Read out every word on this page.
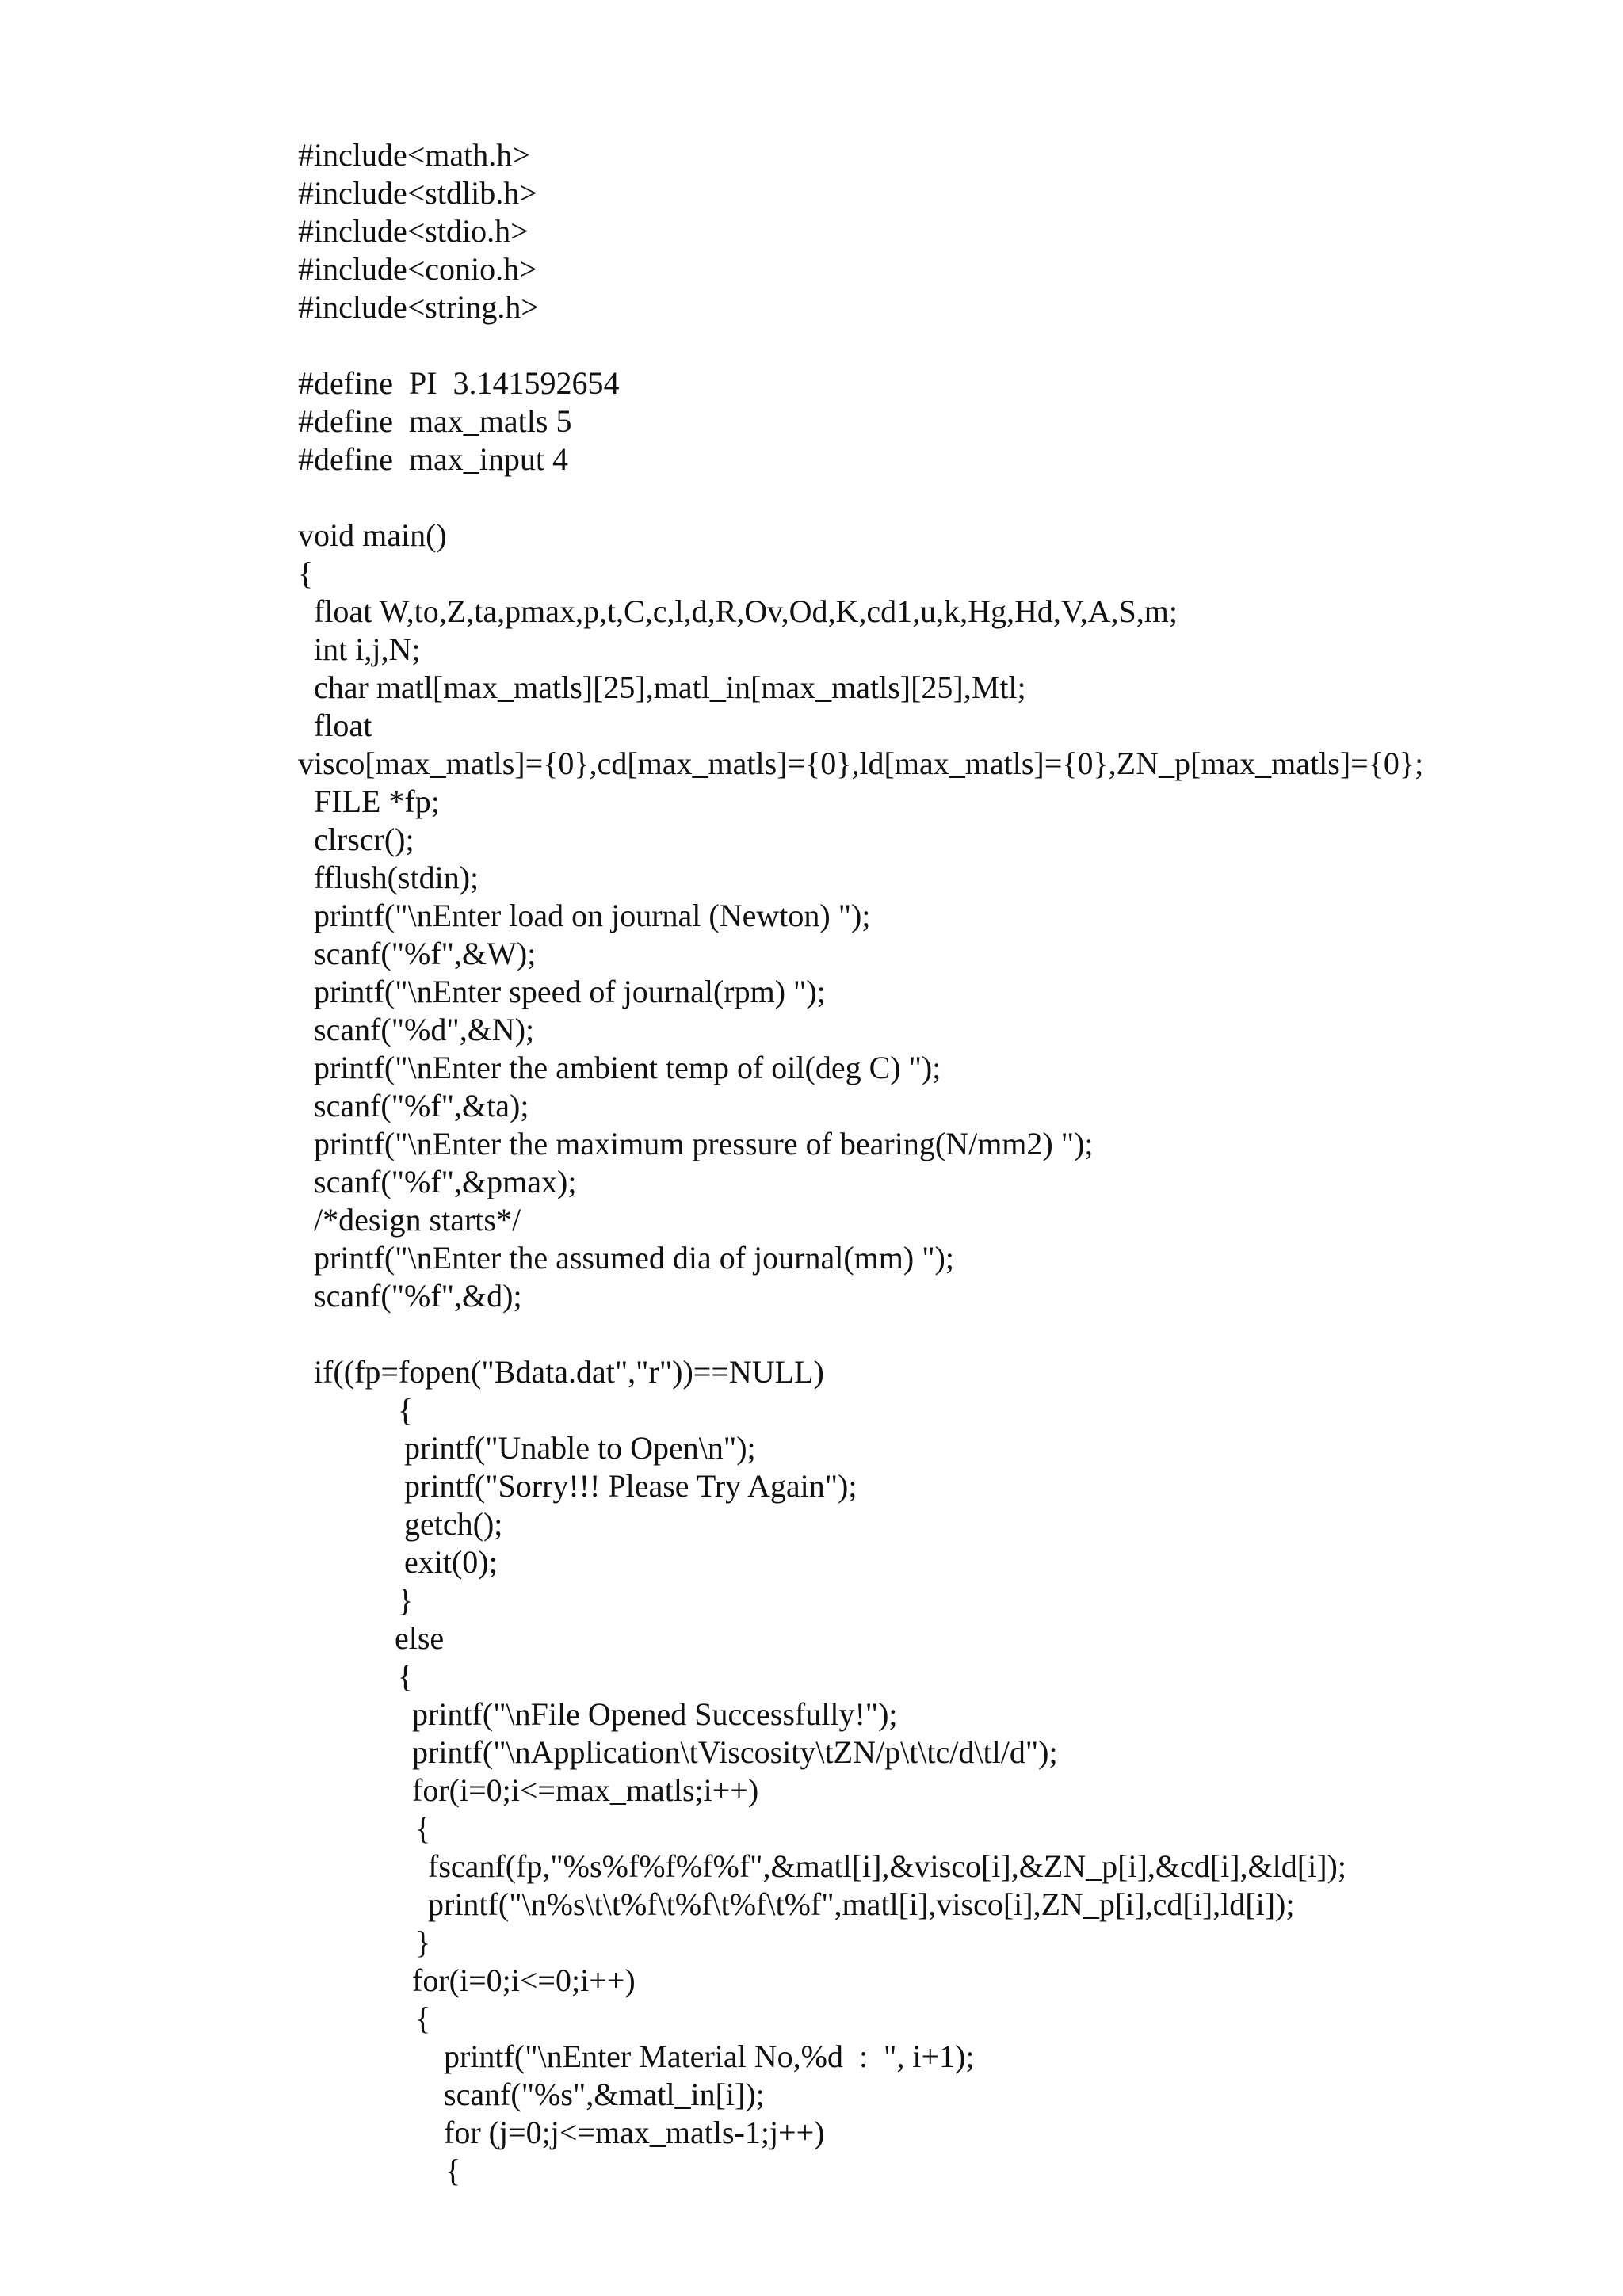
#include<math.h>
#include<stdlib.h>
#include<stdio.h>
#include<conio.h>
#include<string.h>
#define  PI  3.141592654
#define  max_matls 5
#define  max_input 4
void main()
{
float W,to,Z,ta,pmax,p,t,C,c,l,d,R,Ov,Od,K,cd1,u,k,Hg,Hd,V,A,S,m;
int i,j,N;
char matl[max_matls][25],matl_in[max_matls][25],Mtl;
float
visco[max_matls]={0},cd[max_matls]={0},ld[max_matls]={0},ZN_p[max_matls]={0};
FILE *fp;
clrscr();
fflush(stdin);
printf("\nEnter load on journal (Newton) ");
scanf("%f",&W);
printf("\nEnter speed of journal(rpm) ");
scanf("%d",&N);
printf("\nEnter the ambient temp of oil(deg C) ");
scanf("%f",&ta);
printf("\nEnter the maximum pressure of bearing(N/mm2) ");
scanf("%f",&pmax);
/*design starts*/
printf("\nEnter the assumed dia of journal(mm) ");
scanf("%f",&d);
if((fp=fopen("Bdata.dat","r"))==NULL)
{
printf("Unable to Open\n");
printf("Sorry!!! Please Try Again");
getch();
exit(0);
}
else
{
printf("\nFile Opened Successfully!");
printf("\nApplication\tViscosity\tZN/p\t\tc/d\tl/d");
for(i=0;i<=max_matls;i++)
{
fscanf(fp,"%s%f%f%f%f",&matl[i],&visco[i],&ZN_p[i],&cd[i],&ld[i]);
printf("\n%s\t\t%f\t%f\t%f\t%f",matl[i],visco[i],ZN_p[i],cd[i],ld[i]);
}
for(i=0;i<=0;i++)
{
printf("\nEnter Material No,%d  :  ", i+1);
scanf("%s",&matl_in[i]);
for (j=0;j<=max_matls-1;j++)
{
